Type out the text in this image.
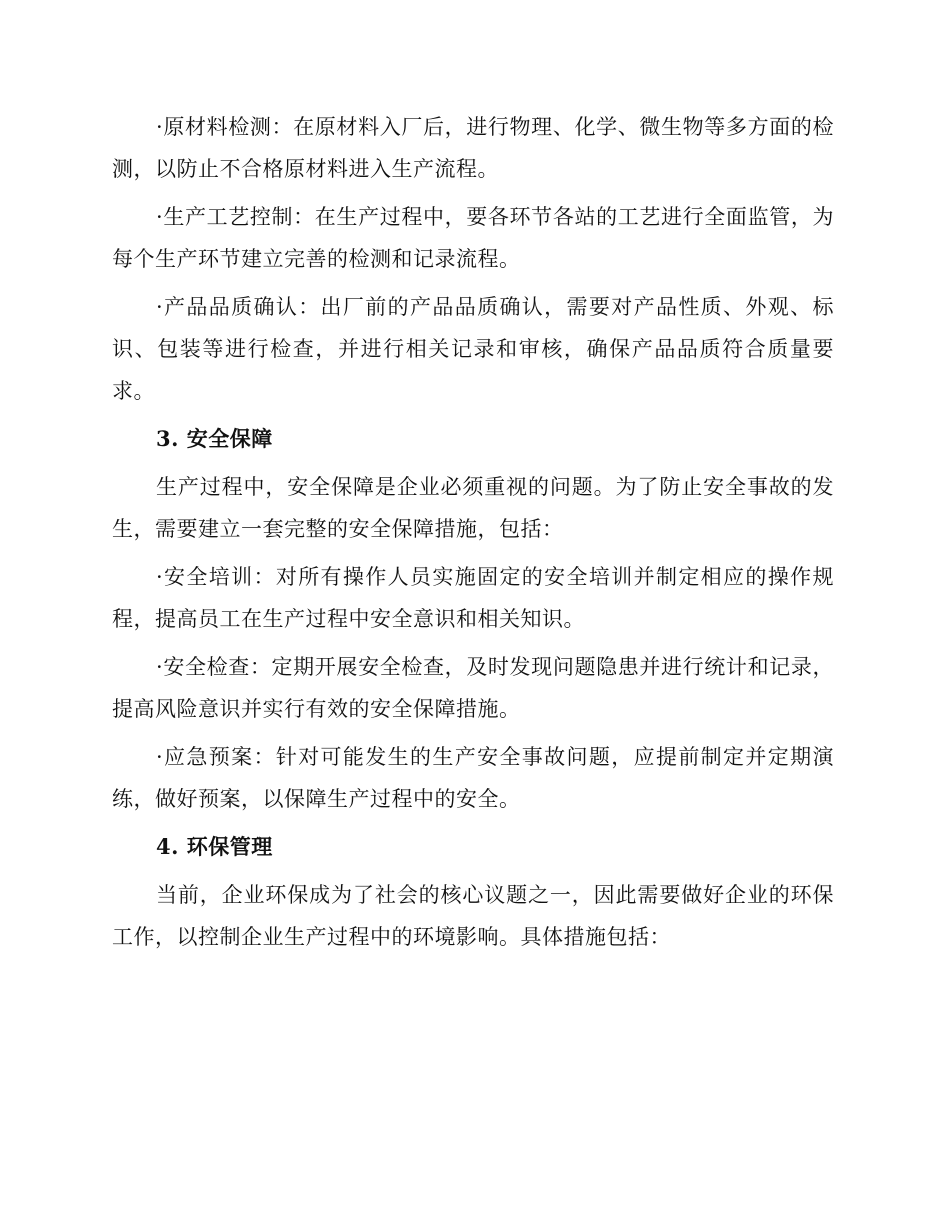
·原材料检测：在原材料入厂后，进行物理、化学、微生物等多方面的检测，以防止不合格原材料进入生产流程。

·生产工艺控制：在生产过程中，要各环节各站的工艺进行全面监管，为每个生产环节建立完善的检测和记录流程。

·产品品质确认：出厂前的产品品质确认，需要对产品性质、外观、标识、包装等进行检查，并进行相关记录和审核，确保产品品质符合质量要求。

3. 安全保障

生产过程中，安全保障是企业必须重视的问题。为了防止安全事故的发生，需要建立一套完整的安全保障措施，包括：

·安全培训：对所有操作人员实施固定的安全培训并制定相应的操作规程，提高员工在生产过程中安全意识和相关知识。

·安全检查：定期开展安全检查，及时发现问题隐患并进行统计和记录，提高风险意识并实行有效的安全保障措施。

·应急预案：针对可能发生的生产安全事故问题，应提前制定并定期演练，做好预案，以保障生产过程中的安全。

4. 环保管理

当前，企业环保成为了社会的核心议题之一，因此需要做好企业的环保工作，以控制企业生产过程中的环境影响。具体措施包括：
